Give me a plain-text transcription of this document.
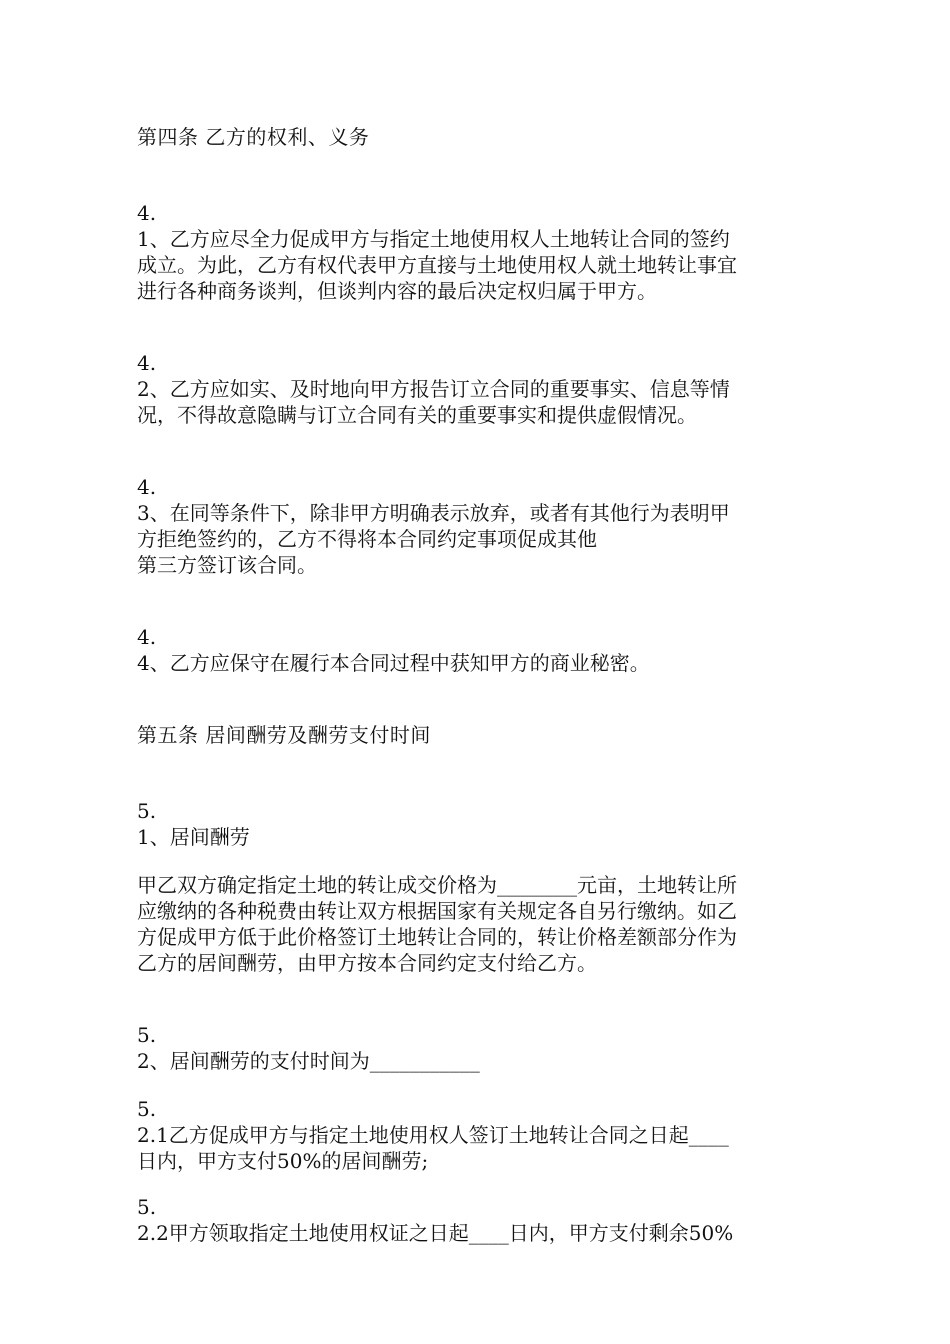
第四条 乙方的权利、义务
4.
1、乙方应尽全力促成甲方与指定土地使用权人土地转让合同的签约
成立。为此，乙方有权代表甲方直接与土地使用权人就土地转让事宜
进行各种商务谈判，但谈判内容的最后决定权归属于甲方。
4.
2、乙方应如实、及时地向甲方报告订立合同的重要事实、信息等情
况，不得故意隐瞒与订立合同有关的重要事实和提供虚假情况。
4.
3、在同等条件下，除非甲方明确表示放弃，或者有其他行为表明甲
方拒绝签约的，乙方不得将本合同约定事项促成其他
第三方签订该合同。
4.
4、乙方应保守在履行本合同过程中获知甲方的商业秘密。
第五条 居间酬劳及酬劳支付时间
5.
1、居间酬劳
甲乙双方确定指定土地的转让成交价格为________元亩，土地转让所
应缴纳的各种税费由转让双方根据国家有关规定各自另行缴纳。如乙
方促成甲方低于此价格签订土地转让合同的，转让价格差额部分作为
乙方的居间酬劳，由甲方按本合同约定支付给乙方。
5.
2、居间酬劳的支付时间为___________
5.
2.1乙方促成甲方与指定土地使用权人签订土地转让合同之日起____
日内，甲方支付50%的居间酬劳;
5.
2.2甲方领取指定土地使用权证之日起____日内，甲方支付剩余50%
